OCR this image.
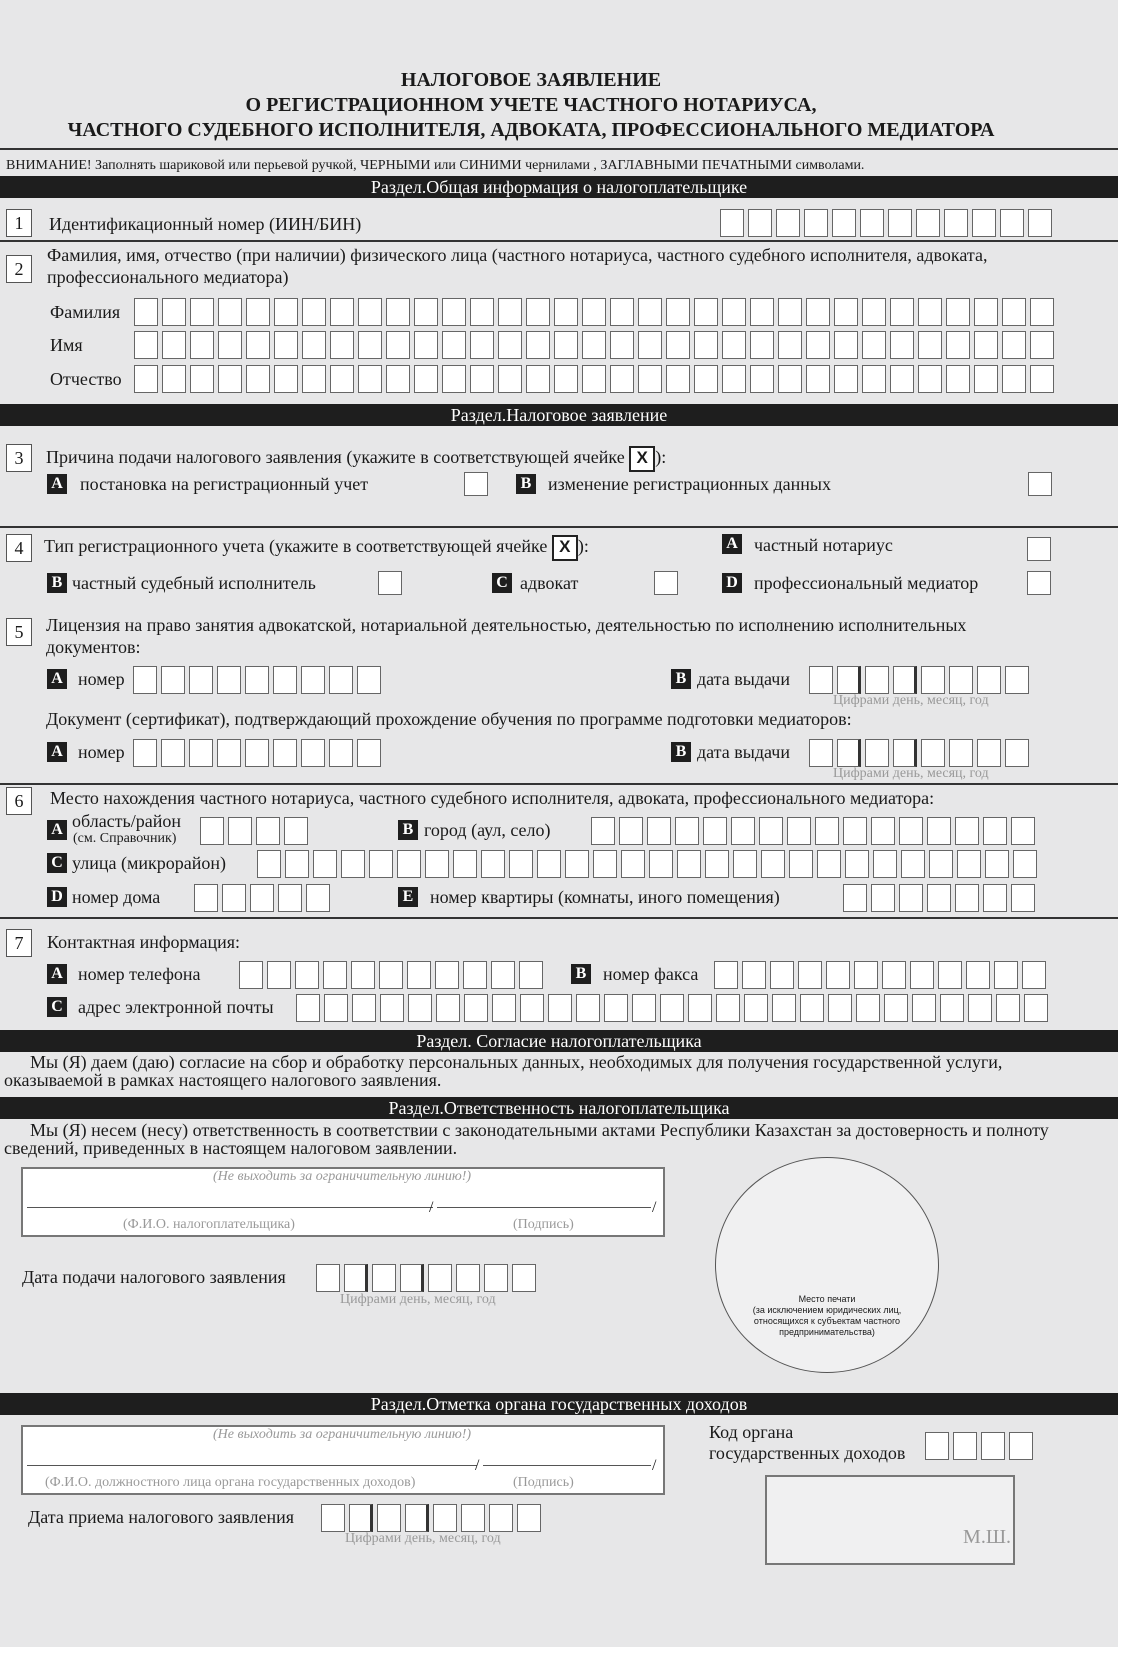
НАЛОГОВОЕ ЗАЯВЛЕНИЕ
О РЕГИСТРАЦИОННОМ УЧЕТЕ ЧАСТНОГО НОТАРИУСА,
ЧАСТНОГО СУДЕБНОГО ИСПОЛНИТЕЛЯ, АДВОКАТА, ПРОФЕССИОНАЛЬНОГО МЕДИАТОРА
ВНИМАНИЕ! Заполнять шариковой или перьевой ручкой, ЧЕРНЫМИ или СИНИМИ чернилами , ЗАГЛАВНЫМИ ПЕЧАТНЫМИ символами.
Раздел.Общая информация о налогоплательщике
1	Идентификационный номер (ИИН/БИН)
2
Фамилия, имя, отчество (при наличии) физического лица (частного нотариуса, частного судебного исполнителя, адвоката, профессионального медиатора)
Фамилия
Имя
Отчество
Раздел.Налоговое заявление
3	Причина подачи налогового заявления (укажите в соответствующей ячейке X ):
A постановка на регистрационный учет	B изменение регистрационных данных
4	Тип регистрационного учета (укажите в соответствующей ячейке X ):	A частный нотариус
B частный судебный исполнитель	C адвокат	D профессиональный медиатор
5	Лицензия на право занятия адвокатской, нотариальной деятельностью, деятельностью по исполнению исполнительных документов:
A номер	B дата выдачи
Цифрами день, месяц, год
Документ (сертификат), подтверждающий прохождение обучения по программе подготовки медиаторов:
A номер	B дата выдачи
Цифрами день, месяц, год
6	Место нахождения частного нотариуса, частного судебного исполнителя, адвоката, профессионального медиатора:
A область/район
(см. Справочник)
B город (аул, село)
C улица (микрорайон)
D номер дома	E номер квартиры (комнаты, иного помещения)
7	Контактная информация:
A номер телефона	B номер факса
C адрес электронной почты
Раздел. Согласие налогоплательщика
Мы (Я) даем (даю) согласие на сбор и обработку персональных данных, необходимых для получения государственной услуги, оказываемой в рамках настоящего налогового заявления.
Раздел.Ответственность налогоплательщика
Мы (Я) несем (несу) ответственность в соответствии с законодательными актами Республики Казахстан за достоверность и полноту сведений, приведенных в настоящем налоговом заявлении.
(Не выходить за ограничительную линию!)
/	/
(Ф.И.О. налогоплательщика)	(Подпись)
Дата подачи налогового заявления
Цифрами день, месяц, год	Место печати
(за исключением юридических лиц, относящихся к субъектам частного предпринимательства)
Раздел.Отметка органа государственных доходов
(Не выходить за ограничительную линию!)
/	/
(Ф.И.О. должностного лица органа государственных доходов)	(Подпись)
Код органа
государственных доходов
Дата приема налогового заявления
Цифрами день, месяц, год	М.Ш.
